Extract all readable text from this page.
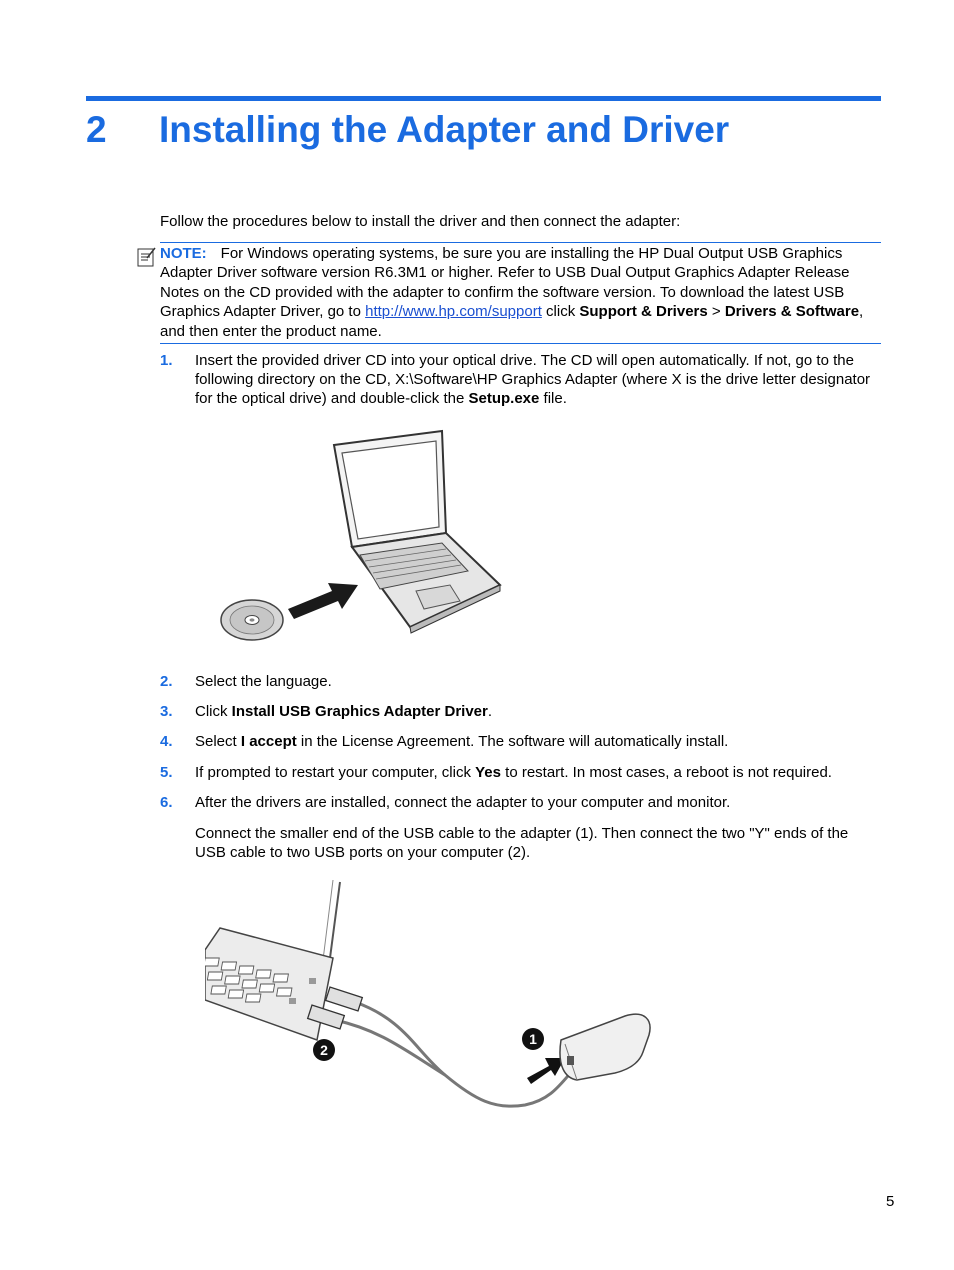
2 Installing the Adapter and Driver
Follow the procedures below to install the driver and then connect the adapter:
NOTE: For Windows operating systems, be sure you are installing the HP Dual Output USB Graphics Adapter Driver software version R6.3M1 or higher. Refer to USB Dual Output Graphics Adapter Release Notes on the CD provided with the adapter to confirm the software version. To download the latest USB Graphics Adapter Driver, go to http://www.hp.com/support click Support & Drivers > Drivers & Software, and then enter the product name.
1. Insert the provided driver CD into your optical drive. The CD will open automatically. If not, go to the following directory on the CD, X:\Software\HP Graphics Adapter (where X is the drive letter designator for the optical drive) and double-click the Setup.exe file.
2. Select the language.
3. Click Install USB Graphics Adapter Driver.
4. Select I accept in the License Agreement. The software will automatically install.
5. If prompted to restart your computer, click Yes to restart. In most cases, a reboot is not required.
6. After the drivers are installed, connect the adapter to your computer and monitor.
Connect the smaller end of the USB cable to the adapter (1). Then connect the two "Y" ends of the USB cable to two USB ports on your computer (2).
1
2
5
